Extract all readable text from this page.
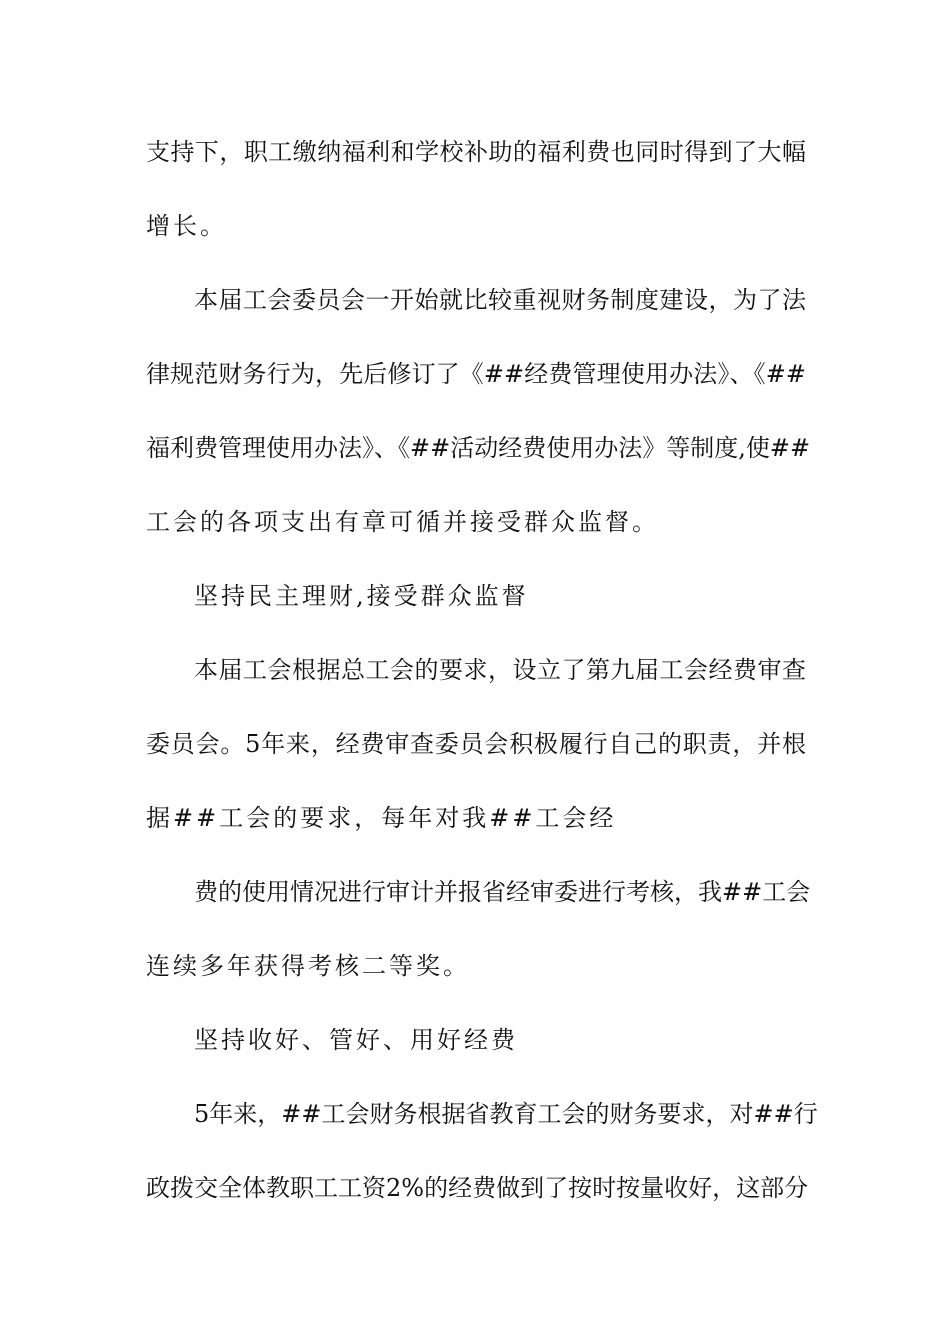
支持下，职工缴纳福利和学校补助的福利费也同时得到了大幅
增长。
本届工会委员会一开始就比较重视财务制度建设，为了法
律规范财务行为，先后修订了《##经费管理使用办法》、《##
福利费管理使用办法》、《##活动经费使用办法》等制度,使##
工会的各项支出有章可循并接受群众监督。
坚持民主理财,接受群众监督
本届工会根据总工会的要求，设立了第九届工会经费审查
委员会。5年来，经费审查委员会积极履行自己的职责，并根
据##工会的要求，每年对我##工会经
费的使用情况进行审计并报省经审委进行考核，我##工会
连续多年获得考核二等奖。
坚持收好、管好、用好经费
5年来，##工会财务根据省教育工会的财务要求，对##行
政拨交全体教职工工资2%的经费做到了按时按量收好，这部分
